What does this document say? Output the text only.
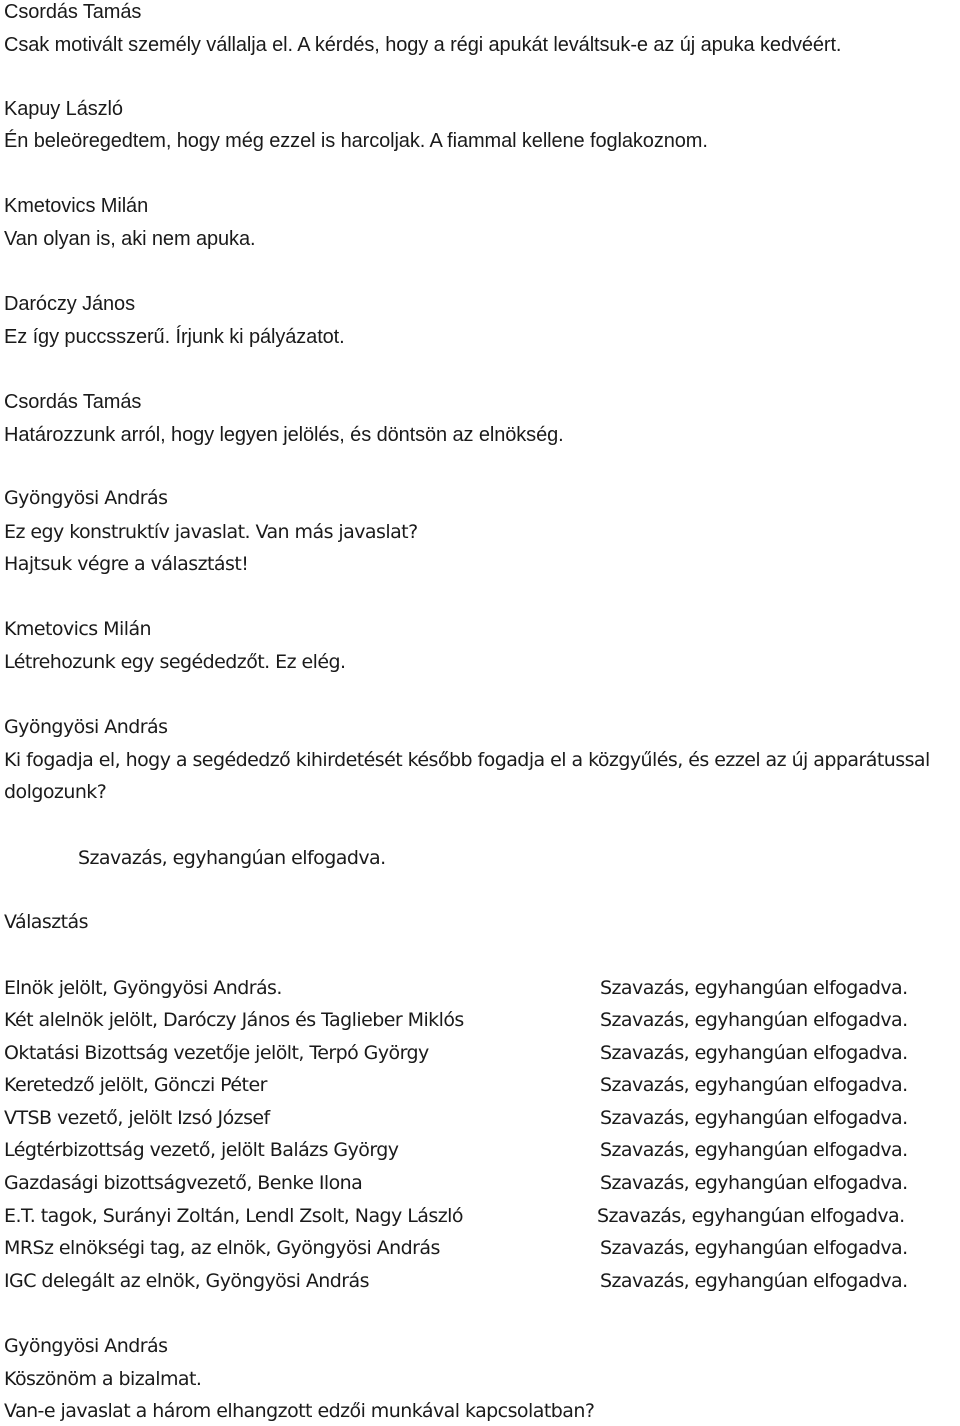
Csordás Tamás
Csak motivált személy vállalja el. A kérdés, hogy a régi apukát leváltsuk-e az új apuka kedvéért.
Kapuy László
Én beleöregedtem, hogy még ezzel is harcoljak. A fiammal kellene foglakoznom.
Kmetovics Milán
Van olyan is, aki nem apuka.
Daróczy János
Ez így puccsszerű. Írjunk ki pályázatot.
Csordás Tamás
Határozzunk arról, hogy legyen jelölés, és döntsön az elnökség.
Gyöngyösi András
Ez egy konstruktív javaslat. Van más javaslat?
Hajtsuk végre a választást!
Kmetovics Milán
Létrehozunk egy segédedzőt. Ez elég.
Gyöngyösi András
Ki fogadja el, hogy a segédedző kihirdetését később fogadja el a közgyűlés, és ezzel az új apparátussal
dolgozunk?
Szavazás, egyhangúan elfogadva.
Választás
Elnök jelölt, Gyöngyösi András.	Szavazás, egyhangúan elfogadva.
Két alelnök jelölt, Daróczy János és Taglieber Miklós	Szavazás, egyhangúan elfogadva.
Oktatási Bizottság vezetője jelölt, Terpó György	Szavazás, egyhangúan elfogadva.
Keretedző jelölt, Gönczi Péter	Szavazás, egyhangúan elfogadva.
VTSB vezető, jelölt Izsó József	Szavazás, egyhangúan elfogadva.
Légtérbizottság vezető, jelölt Balázs György	Szavazás, egyhangúan elfogadva.
Gazdasági bizottságvezető, Benke Ilona	Szavazás, egyhangúan elfogadva.
E.T. tagok, Surányi Zoltán, Lendl Zsolt, Nagy László	Szavazás, egyhangúan elfogadva.
MRSz elnökségi tag, az elnök, Gyöngyösi András	Szavazás, egyhangúan elfogadva.
IGC delegált az elnök, Gyöngyösi András	Szavazás, egyhangúan elfogadva.
Gyöngyösi András
Köszönöm a bizalmat.
Van-e javaslat a három elhangzott edzői munkával kapcsolatban?
